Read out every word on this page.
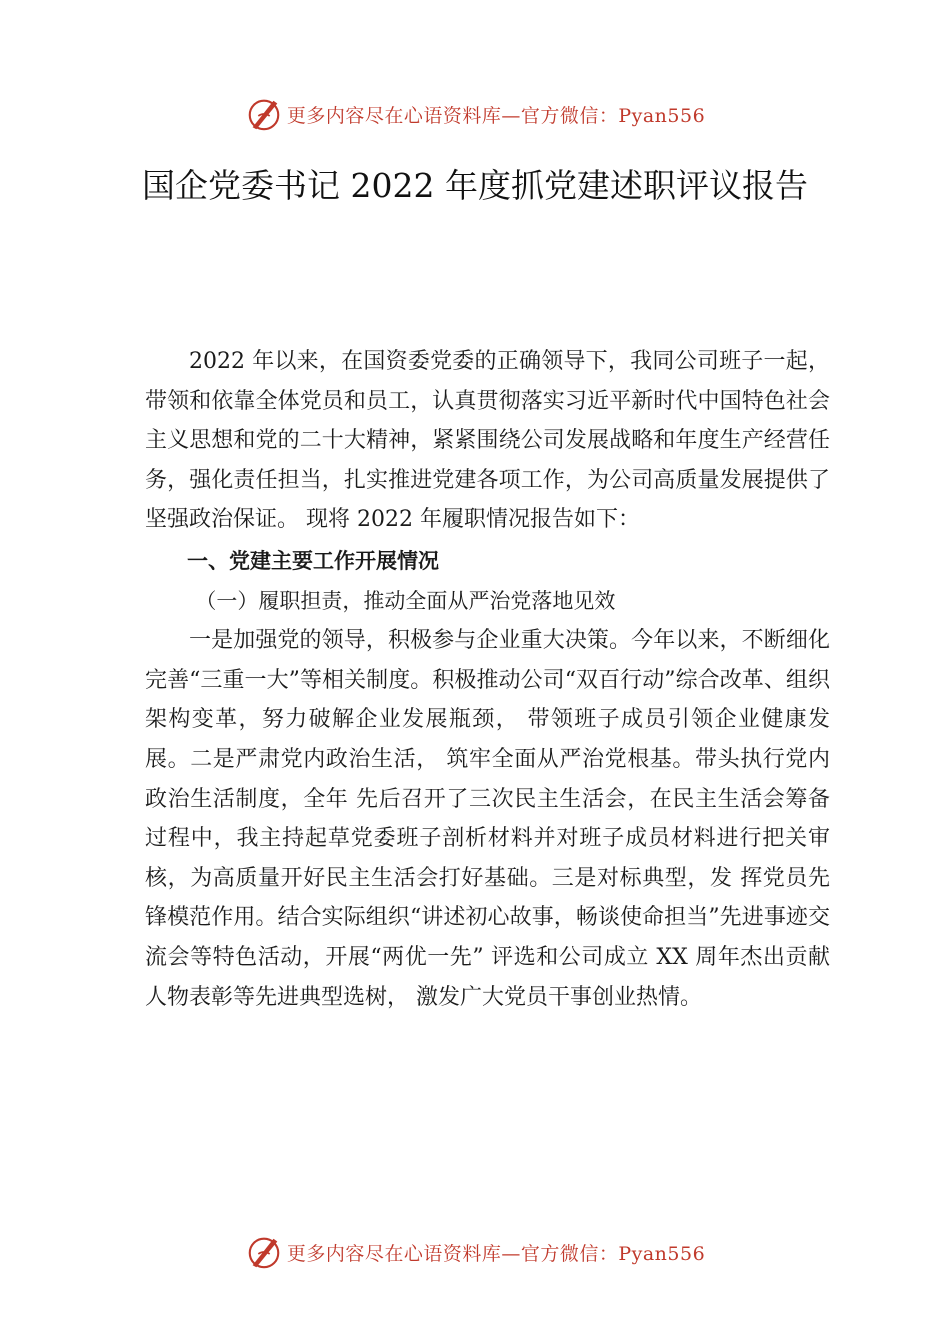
更多内容尽在心语资料库—官方微信：Pyan556
国企党委书记 2022 年度抓党建述职评议报告

2022 年以来，在国资委党委的正确领导下，我同公司班子一起，带领和依靠全体党员和员工，认真贯彻落实习近平新时代中国特色社会主义思想和党的二十大精神，紧紧围绕公司发展战略和年度生产经营任务，强化责任担当，扎实推进党建各项工作，为公司高质量发展提供了坚强政治保证。 现将 2022 年履职情况报告如下：

一、党建主要工作开展情况

（一）履职担责，推动全面从严治党落地见效

一是加强党的领导，积极参与企业重大决策。今年以来，不断细化完善“三重一大”等相关制度。积极推动公司“双百行动”综合改革、组织架构变革，努力破解企业发展瓶颈， 带领班子成员引领企业健康发展。二是严肃党内政治生活， 筑牢全面从严治党根基。带头执行党内政治生活制度，全年 先后召开了三次民主生活会，在民主生活会筹备过程中，我主持起草党委班子剖析材料并对班子成员材料进行把关审核，为高质量开好民主生活会打好基础。三是对标典型，发 挥党员先锋模范作用。结合实际组织“讲述初心故事，畅谈使命担当”先进事迹交流会等特色活动，开展“两优一先” 评选和公司成立 XX 周年杰出贡献人物表彰等先进典型选树， 激发广大党员干事创业热情。

更多内容尽在心语资料库—官方微信：Pyan556
